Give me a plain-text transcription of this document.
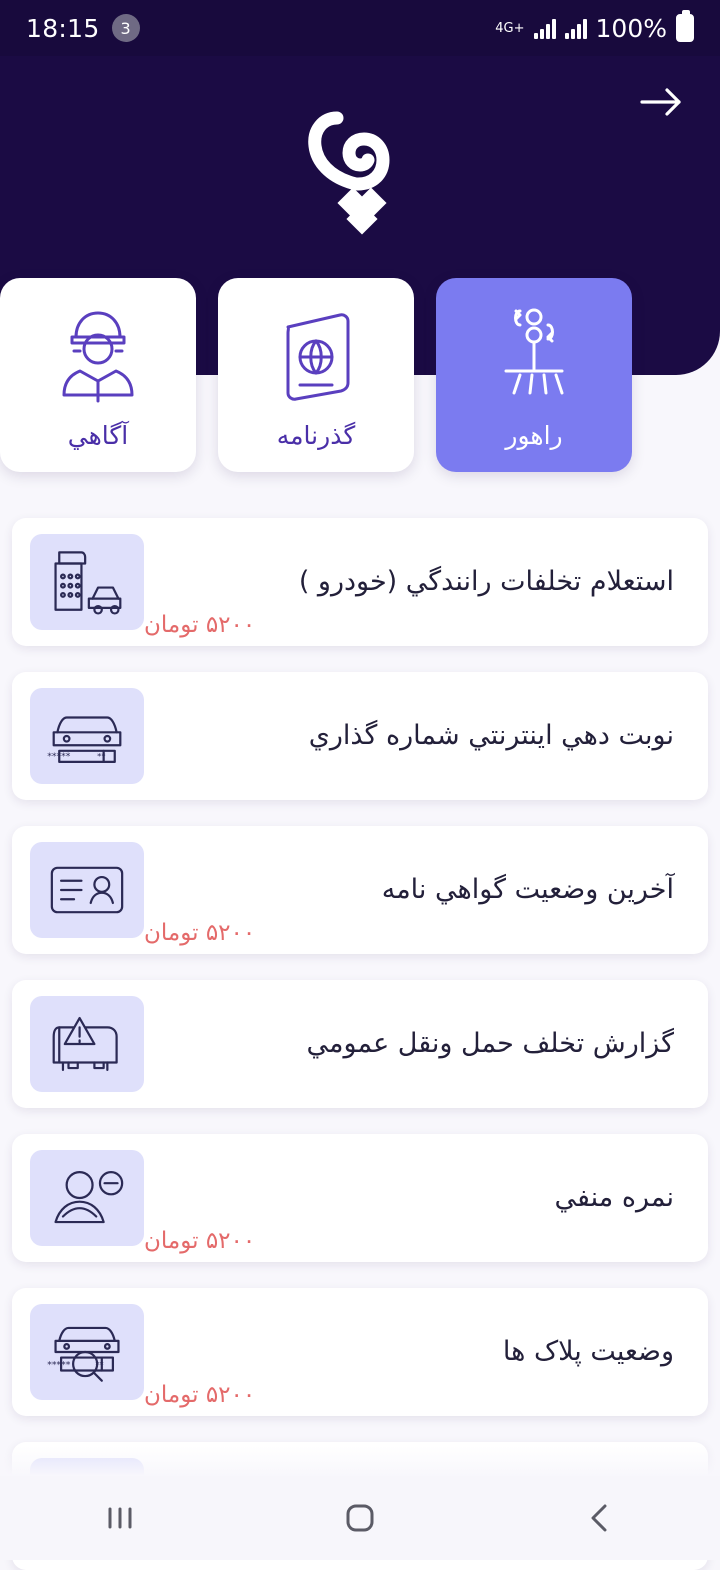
18:15	3	4G+	100%
آگاهي	گذرنامه	راهور
استعلام تخلفات رانندگي (خودرو )
۵۲۰۰ تومان
نوبت دهي اينترنتي شماره گذاري
*****	**
آخرين وضعيت گواهي نامه
۵۲۰۰ تومان
گزارش تخلف حمل ونقل عمومي
نمره منفي
۵۲۰۰ تومان
وضعيت پلاک ها
۵۲۰۰ تومان
*****	**
